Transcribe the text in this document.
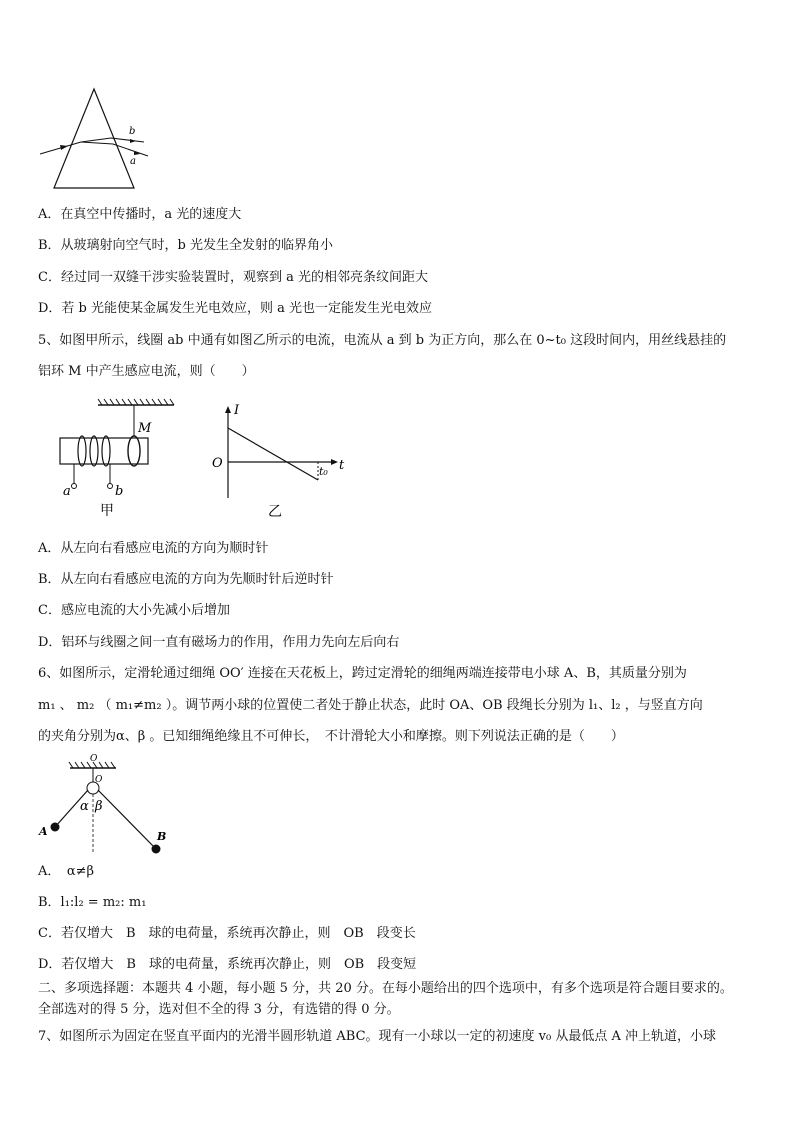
b
a
A．在真空中传播时，a 光的速度大
B．从玻璃射向空气时，b 光发生全发射的临界角小
C．经过同一双缝干涉实验装置时，观察到 a 光的相邻亮条纹间距大
D．若 b 光能使某金属发生光电效应，则 a 光也一定能发生光电效应
5、如图甲所示，线圈 ab 中通有如图乙所示的电流，电流从 a 到 b 为正方向，那么在 0~t₀ 这段时间内，用丝线悬挂的
铝环 M 中产生感应电流，则（　　）
M
a	b
甲
I
O
t₀ t
乙
A．从左向右看感应电流的方向为顺时针
B．从左向右看感应电流的方向为先顺时针后逆时针
C．感应电流的大小先减小后增加
D．铝环与线圈之间一直有磁场力的作用，作用力先向左后向右
6、如图所示，定滑轮通过细绳 OO′ 连接在天花板上，跨过定滑轮的细绳两端连接带电小球 A、B，其质量分别为
m₁ 、 m₂ （ m₁≠m₂ ）。调节两小球的位置使二者处于静止状态，此时 OA、OB 段绳长分别为 l₁、l₂ ，与竖直方向
的夹角分别为α、β 。已知细绳绝缘且不可伸长，　不计滑轮大小和摩擦。则下列说法正确的是（　　）
O
O
α β
A	B
A．　α≠β
B．l₁:l₂ = m₂: m₁
C．若仅增大　B　球的电荷量，系统再次静止，则　OB　段变长
D．若仅增大　B　球的电荷量，系统再次静止，则　OB　段变短
二、多项选择题：本题共 4 小题，每小题 5 分，共 20 分。在每小题给出的四个选项中，有多个选项是符合题目要求的。
全部选对的得 5 分，选对但不全的得 3 分，有选错的得 0 分。
7、如图所示为固定在竖直平面内的光滑半圆形轨道 ABC。现有一小球以一定的初速度 v₀ 从最低点 A 冲上轨道，小球
